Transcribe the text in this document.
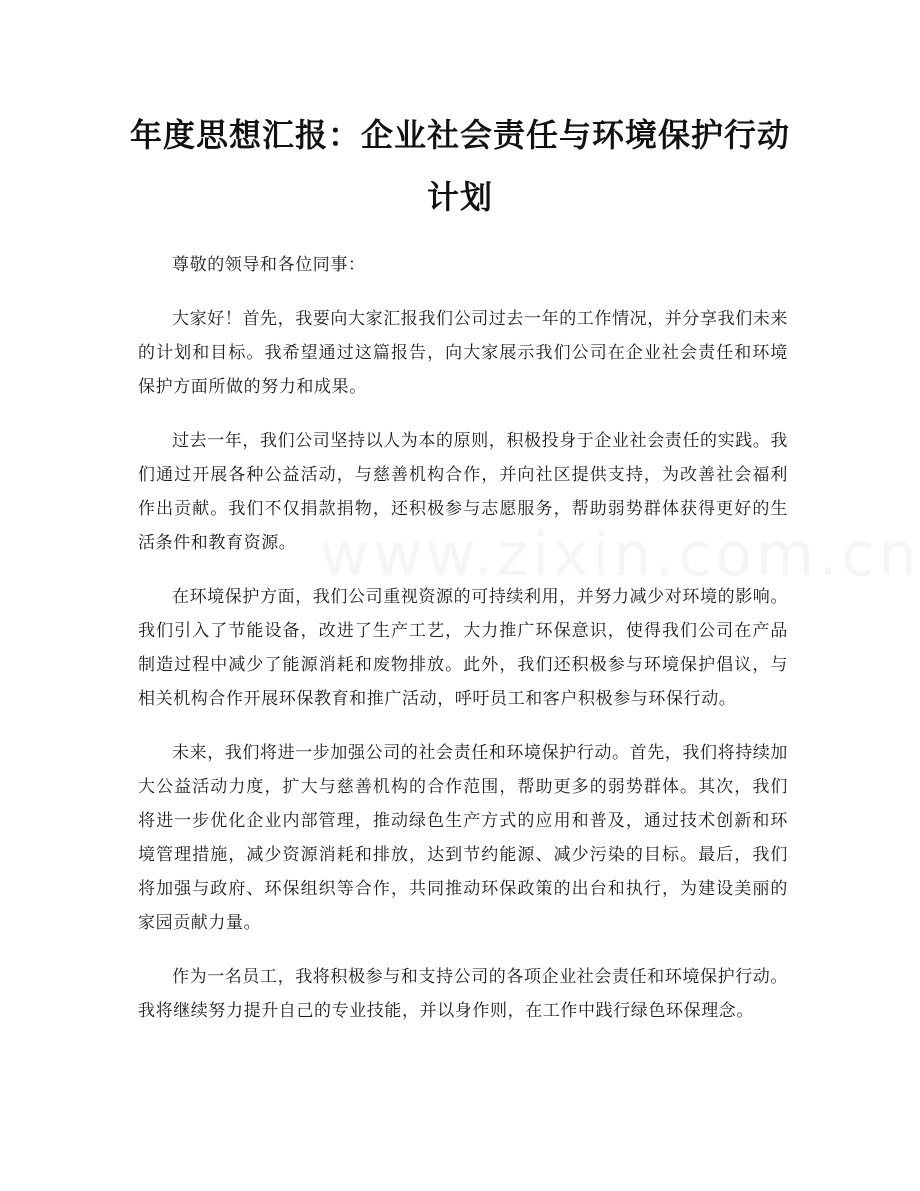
www.zixin.com.cn
年度思想汇报：企业社会责任与环境保护行动计划

尊敬的领导和各位同事：

大家好！首先，我要向大家汇报我们公司过去一年的工作情况，并分享我们未来的计划和目标。我希望通过这篇报告，向大家展示我们公司在企业社会责任和环境保护方面所做的努力和成果。

过去一年，我们公司坚持以人为本的原则，积极投身于企业社会责任的实践。我们通过开展各种公益活动，与慈善机构合作，并向社区提供支持，为改善社会福利作出贡献。我们不仅捐款捐物，还积极参与志愿服务，帮助弱势群体获得更好的生活条件和教育资源。

在环境保护方面，我们公司重视资源的可持续利用，并努力减少对环境的影响。我们引入了节能设备，改进了生产工艺，大力推广环保意识，使得我们公司在产品制造过程中减少了能源消耗和废物排放。此外，我们还积极参与环境保护倡议，与相关机构合作开展环保教育和推广活动，呼吁员工和客户积极参与环保行动。

未来，我们将进一步加强公司的社会责任和环境保护行动。首先，我们将持续加大公益活动力度，扩大与慈善机构的合作范围，帮助更多的弱势群体。其次，我们将进一步优化企业内部管理，推动绿色生产方式的应用和普及，通过技术创新和环境管理措施，减少资源消耗和排放，达到节约能源、减少污染的目标。最后，我们将加强与政府、环保组织等合作，共同推动环保政策的出台和执行，为建设美丽的家园贡献力量。

作为一名员工，我将积极参与和支持公司的各项企业社会责任和环境保护行动。我将继续努力提升自己的专业技能，并以身作则，在工作中践行绿色环保理念。
